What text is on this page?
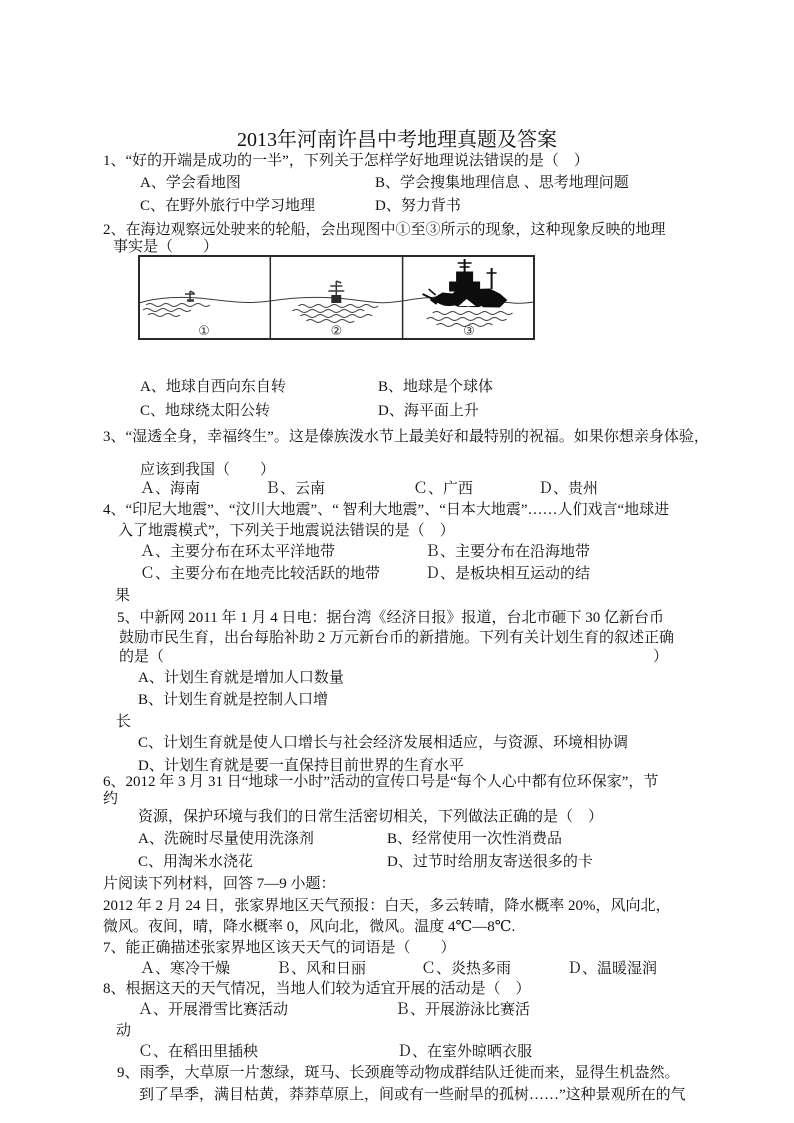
2013年河南许昌中考地理真题及答案
1、“好的开端是成功的一半”，下列关于怎样学好地理说法错误的是（　）
A、学会看地图	B、学会搜集地理信息 、思考地理问题
C、在野外旅行中学习地理	D、努力背书
2、在海边观察远处驶来的轮船，会出现图中①至③所示的现象，这种现象反映的地理
事实是（　　）
①	②	③
A、地球自西向东自转	B、地球是个球体
C、地球绕太阳公转	D、海平面上升
3、“湿透全身，幸福终生”。这是傣族泼水节上最美好和最特别的祝福。如果你想亲身体验，
应该到我国（　　）
Ａ、海南	Ｂ、云南	Ｃ、广西	Ｄ、贵州
4、“印尼大地震”、“汶川大地震”、“ 智利大地震”、“日本大地震”……人们戏言“地球进
入了地震模式”，下列关于地震说法错误的是（　）
Ａ、主要分布在环太平洋地带	Ｂ、主要分布在沿海地带
Ｃ、主要分布在地壳比较活跃的地带	Ｄ、是板块相互运动的结
果
5、中新网 2011 年 1 月 4 日电：据台湾《经济日报》报道，台北市砸下 30 亿新台币
鼓励市民生育，出台每胎补助 2 万元新台币的新措施。下列有关计划生育的叙述正确
的是（	）
A、计划生育就是增加人口数量
B、计划生育就是控制人口增
长
C、计划生育就是使人口增长与社会经济发展相适应，与资源、环境相协调
D、计划生育就是要一直保持目前世界的生育水平
6、2012 年 3 月 31 日“地球一小时”活动的宣传口号是“每个人心中都有位环保家”，节
约
资源，保护环境与我们的日常生活密切相关，下列做法正确的是（　）
A、洗碗时尽量使用洗涤剂	B、经常使用一次性消费品
C、用淘米水浇花	D、过节时给朋友寄送很多的卡
片阅读下列材料，回答 7—9 小题：
2012 年 2 月 24 日，张家界地区天气预报：白天，多云转晴，降水概率 20%，风向北，
微风。夜间，晴，降水概率 0，风向北，微风。温度 4℃—8℃.
7、能正确描述张家界地区该天天气的词语是（　　）
Ａ、寒冷干燥	Ｂ、风和日丽	Ｃ、炎热多雨	Ｄ、温暖湿润
8、根据这天的天气情况，当地人们较为适宜开展的活动是（　）
Ａ、开展滑雪比赛活动	Ｂ、开展游泳比赛活
动
Ｃ、在稻田里插秧	Ｄ、在室外晾晒衣服
9、雨季，大草原一片葱绿，斑马、长颈鹿等动物成群结队迁徙而来，显得生机盎然。
到了旱季，满目枯黄，莽莽草原上，间或有一些耐旱的孤树……”这种景观所在的气
